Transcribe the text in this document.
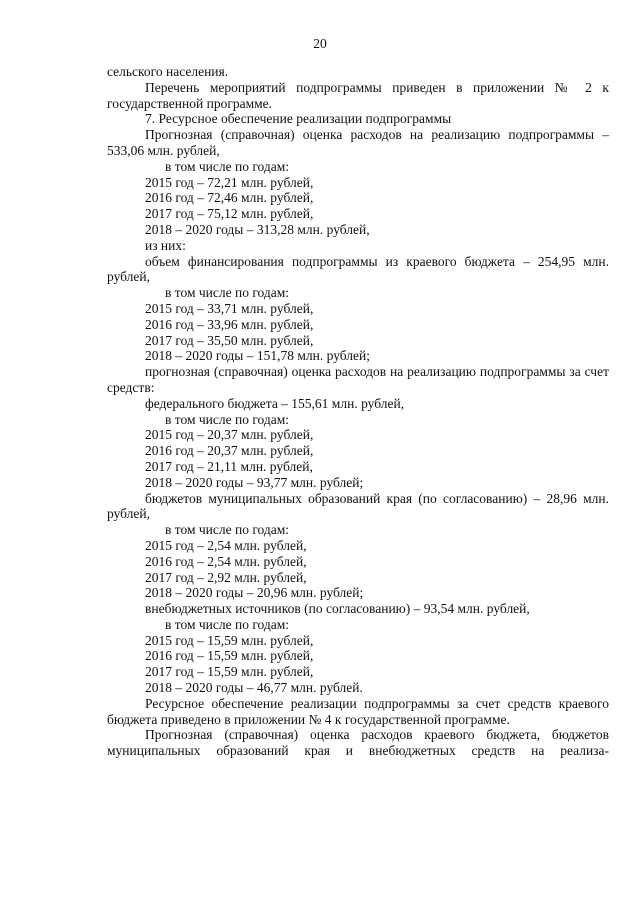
20

сельского населения.

Перечень мероприятий подпрограммы приведен в приложении № 2 к государственной программе.

7. Ресурсное обеспечение реализации подпрограммы

Прогнозная (справочная) оценка расходов на реализацию подпрограммы – 533,06 млн. рублей,

в том числе по годам:

2015 год – 72,21 млн. рублей,

2016 год – 72,46 млн. рублей,

2017 год – 75,12 млн. рублей,

2018 – 2020 годы – 313,28 млн. рублей,

из них:

объем финансирования подпрограммы из краевого бюджета – 254,95 млн. рублей,

в том числе по годам:

2015 год – 33,71 млн. рублей,

2016 год – 33,96 млн. рублей,

2017 год – 35,50 млн. рублей,

2018 – 2020 годы – 151,78 млн. рублей;

прогнозная (справочная) оценка расходов на реализацию подпрограммы за счет средств:

федерального бюджета – 155,61 млн. рублей,

в том числе по годам:

2015 год – 20,37 млн. рублей,

2016 год – 20,37 млн. рублей,

2017 год – 21,11 млн. рублей,

2018 – 2020 годы – 93,77 млн. рублей;

бюджетов муниципальных образований края (по согласованию) – 28,96 млн. рублей,

в том числе по годам:

2015 год – 2,54 млн. рублей,

2016 год – 2,54 млн. рублей,

2017 год – 2,92 млн. рублей,

2018 – 2020 годы – 20,96 млн. рублей;

внебюджетных источников (по согласованию) – 93,54 млн. рублей,

в том числе по годам:

2015 год – 15,59 млн. рублей,

2016 год – 15,59 млн. рублей,

2017 год – 15,59 млн. рублей,

2018 – 2020 годы – 46,77 млн. рублей.

Ресурсное обеспечение реализации подпрограммы за счет средств краевого бюджета приведено в приложении № 4 к государственной программе.

Прогнозная (справочная) оценка расходов краевого бюджета, бюджетов муниципальных образований края и внебюджетных средств на реализа-
